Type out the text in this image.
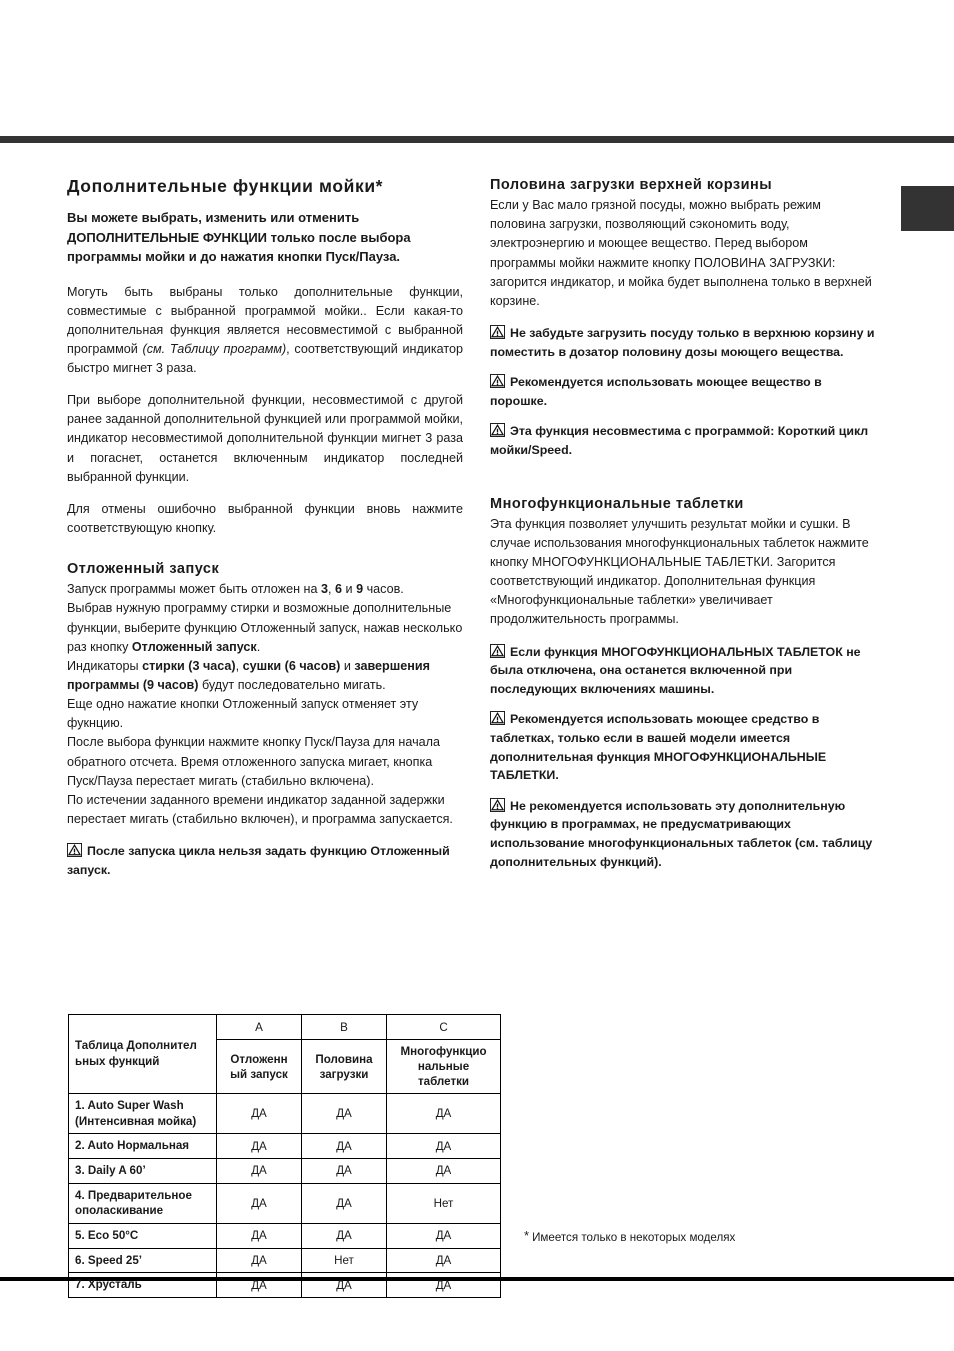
Дополнительные функции мойки*

Вы можете выбрать, изменить или отменить ДОПОЛНИТЕЛЬНЫЕ ФУНКЦИИ только после выбора программы мойки и до нажатия кнопки Пуск/Пауза.

Могуть быть выбраны только дополнительные функции, совместимые с выбранной программой мойки.. Если какая-то дополнительная функция является несовместимой с выбранной программой (см. Таблицу программ), соответствующий индикатор быстро мигнет 3 раза.

При выборе дополнительной функции, несовместимой с другой ранее заданной дополнительной функцией или программой мойки, индикатор несовместимой дополнительной функции мигнет 3 раза и погаснет, останется включенным индикатор последней выбранной функции.

Для отмены ошибочно выбранной функции вновь нажмите соответствующую кнопку.

Отложенный запуск

Запуск программы может быть отложен на 3, 6 и 9 часов.
Выбрав нужную программу стирки и возможные дополнительные функции, выберите функцию Отложенный запуск, нажав несколько раз кнопку Отложенный запуск.
Индикаторы стирки (3 часа), сушки (6 часов) и завершения программы (9 часов) будут последовательно мигать.
Еще одно нажатие кнопки Отложенный запуск отменяет эту фукнцию.
После выбора функции нажмите кнопку Пуск/Пауза для начала обратного отсчета. Время отложенного запуска мигает, кнопка Пуск/Пауза перестает мигать (стабильно включена).
По истечении заданного времени индикатор заданной задержки перестает мигать (стабильно включен), и программа запускается.

После запуска цикла нельзя задать функцию Отложенный запуск.
Половина загрузки верхней корзины

Если у Вас мало грязной посуды, можно выбрать режим половина загрузки, позволяющий сэкономить воду, электроэнергию и моющее вещество. Перед выбором программы мойки нажмите кнопку ПОЛОВИНА ЗАГРУЗКИ: загорится индикатор, и мойка будет выполнена только в верхней корзине.

Не забудьте загрузить посуду только в верхнюю корзину и поместить в дозатор половину дозы моющего вещества.
Рекомендуется использовать моющее вещество в порошке.
Эта функция несовместима с программой: Короткий цикл мойки/Speed.
Многофункциональные таблетки

Эта функция позволяет улучшить результат мойки и сушки. В случае использования многофункциональных таблеток нажмите кнопку МНОГОФУНКЦИОНАЛЬНЫЕ ТАБЛЕТКИ. Загорится соответствующий индикатор. Дополнительная функция «Многофункциональные таблетки» увеличивает продолжительность программы.

Если функция МНОГОФУНКЦИОНАЛЬНЫХ ТАБЛЕТОК не была отключена, она останется включенной при последующих включениях машины.
Рекомендуется использовать моющее средство в таблетках, только если в вашей модели имеется дополнительная функция МНОГОФУНКЦИОНАЛЬНЫЕ ТАБЛЕТКИ.
Не рекомендуется использовать эту дополнительную функцию в программах, не предусматривающих использование многофункциональных таблеток (см. таблицу дополнительных функций).
Таблица Дополнител ьных функций	A	B	C
	Отложенн ый запуск	Половина загрузки	Многофункцио нальные таблетки
1. Auto Super Wash (Интенсивная мойка)	ДА	ДА	ДА
2. Auto Нормальная	ДА	ДА	ДА
3. Daily A 60’	ДА	ДА	ДА
4. Предварительное ополаскивание	ДА	ДА	Нет
5. Eco 50°C	ДА	ДА	ДА
6. Speed 25’	ДА	Нет	ДА
7. Хрусталь	ДА	ДА	ДА
* Имеется только в некоторых моделях
